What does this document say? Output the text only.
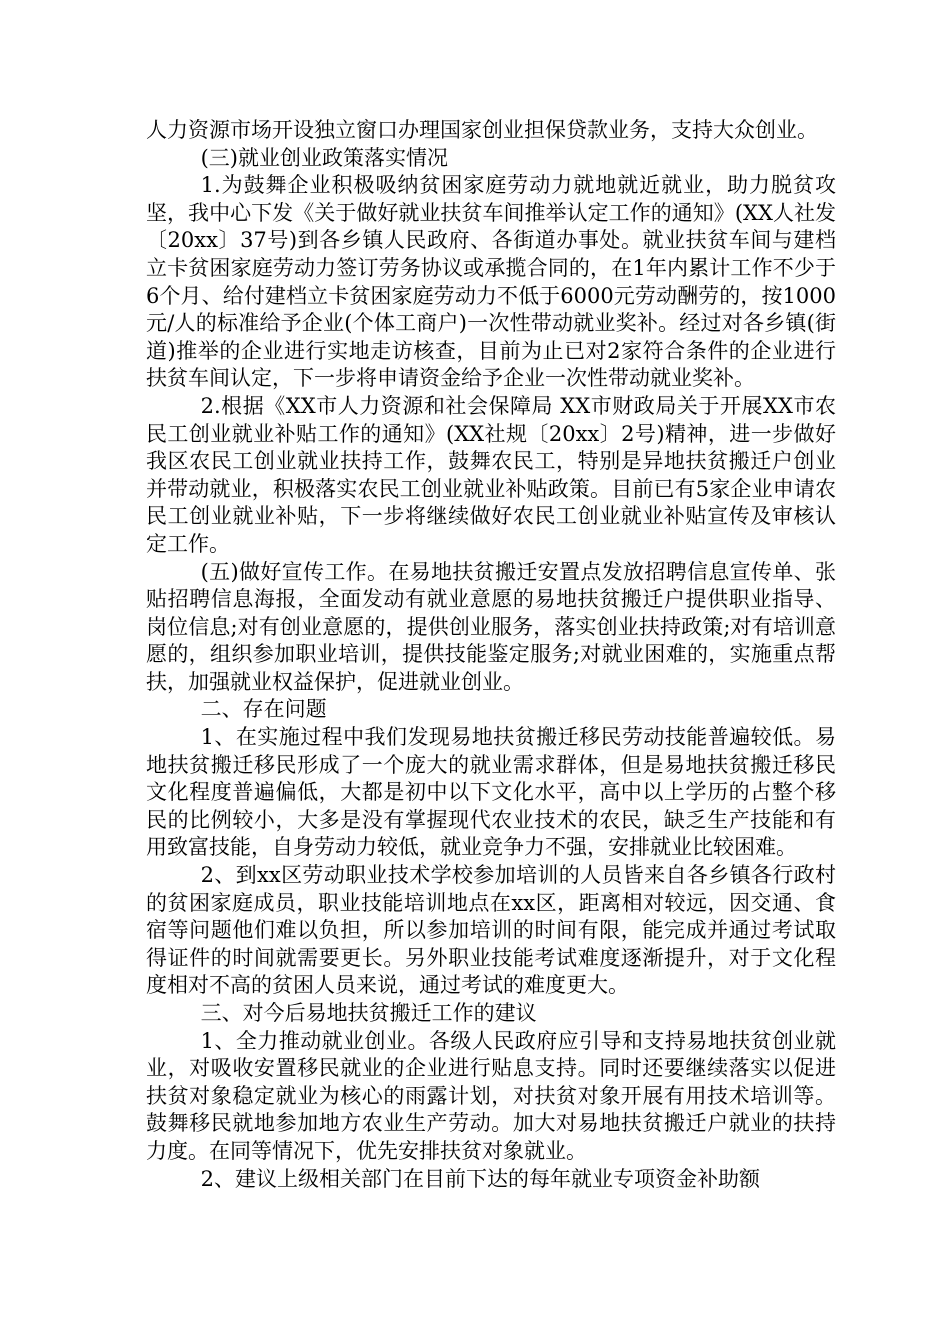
人力资源市场开设独立窗口办理国家创业担保贷款业务，支持大众创业。

(三)就业创业政策落实情况

1.为鼓舞企业积极吸纳贫困家庭劳动力就地就近就业，助力脱贫攻坚，我中心下发《关于做好就业扶贫车间推举认定工作的通知》(XX人社发〔20xx〕37号)到各乡镇人民政府、各街道办事处。就业扶贫车间与建档立卡贫困家庭劳动力签订劳务协议或承揽合同的，在1年内累计工作不少于6个月、给付建档立卡贫困家庭劳动力不低于6000元劳动酬劳的，按1000元/人的标准给予企业(个体工商户)一次性带动就业奖补。经过对各乡镇(街道)推举的企业进行实地走访核查，目前为止已对2家符合条件的企业进行扶贫车间认定，下一步将申请资金给予企业一次性带动就业奖补。

2.根据《XX市人力资源和社会保障局 XX市财政局关于开展XX市农民工创业就业补贴工作的通知》(XX社规〔20xx〕2号)精神，进一步做好我区农民工创业就业扶持工作，鼓舞农民工，特别是异地扶贫搬迁户创业并带动就业，积极落实农民工创业就业补贴政策。目前已有5家企业申请农民工创业就业补贴，下一步将继续做好农民工创业就业补贴宣传及审核认定工作。

(五)做好宣传工作。在易地扶贫搬迁安置点发放招聘信息宣传单、张贴招聘信息海报，全面发动有就业意愿的易地扶贫搬迁户提供职业指导、岗位信息;对有创业意愿的，提供创业服务，落实创业扶持政策;对有培训意愿的，组织参加职业培训，提供技能鉴定服务;对就业困难的，实施重点帮扶，加强就业权益保护，促进就业创业。

二、存在问题

1、在实施过程中我们发现易地扶贫搬迁移民劳动技能普遍较低。易地扶贫搬迁移民形成了一个庞大的就业需求群体，但是易地扶贫搬迁移民文化程度普遍偏低，大都是初中以下文化水平，高中以上学历的占整个移民的比例较小，大多是没有掌握现代农业技术的农民，缺乏生产技能和有用致富技能，自身劳动力较低，就业竞争力不强，安排就业比较困难。

2、到xx区劳动职业技术学校参加培训的人员皆来自各乡镇各行政村的贫困家庭成员，职业技能培训地点在xx区，距离相对较远，因交通、食宿等问题他们难以负担，所以参加培训的时间有限，能完成并通过考试取得证件的时间就需要更长。另外职业技能考试难度逐渐提升，对于文化程度相对不高的贫困人员来说，通过考试的难度更大。

三、对今后易地扶贫搬迁工作的建议

1、全力推动就业创业。各级人民政府应引导和支持易地扶贫创业就业，对吸收安置移民就业的企业进行贴息支持。同时还要继续落实以促进扶贫对象稳定就业为核心的雨露计划，对扶贫对象开展有用技术培训等。鼓舞移民就地参加地方农业生产劳动。加大对易地扶贫搬迁户就业的扶持力度。在同等情况下，优先安排扶贫对象就业。

2、建议上级相关部门在目前下达的每年就业专项资金补助额
